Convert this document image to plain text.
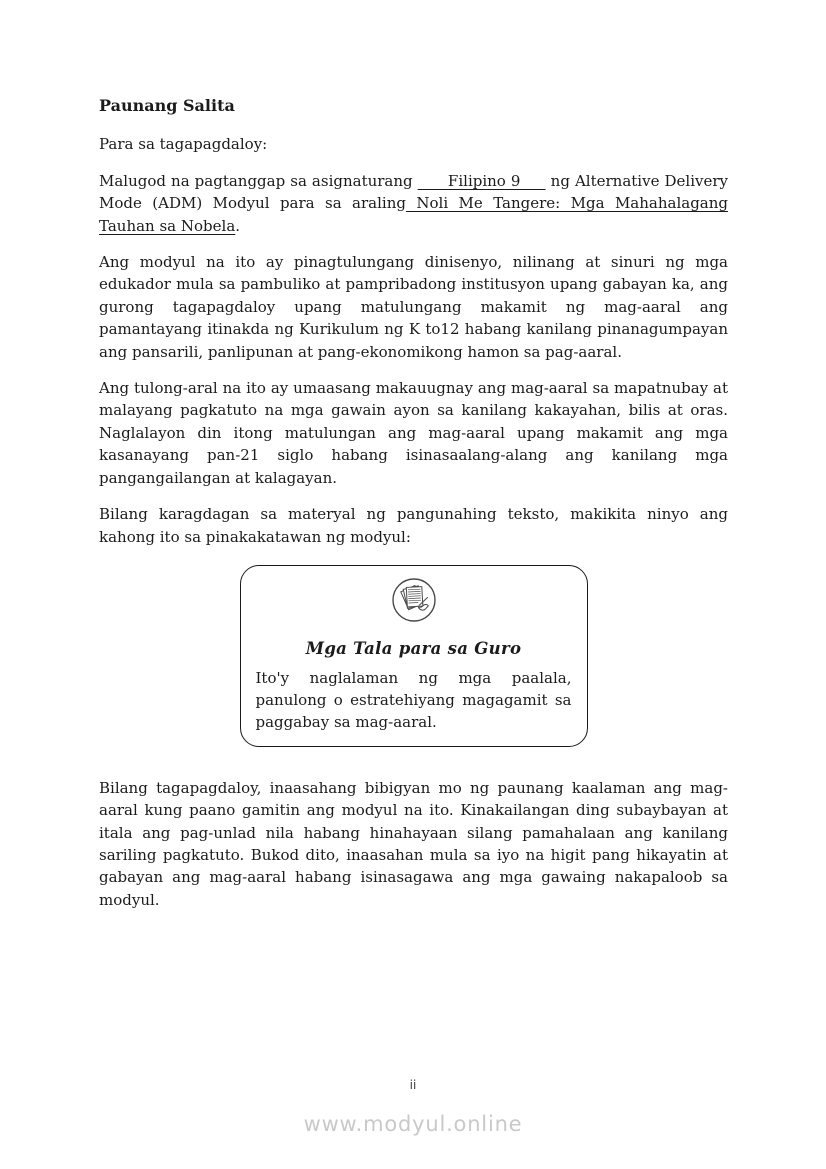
Paunang Salita

Para sa tagapagdaloy:

Malugod na pagtanggap sa asignaturang       Filipino 9      ng Alternative Delivery Mode (ADM) Modyul para sa araling Noli Me Tangere: Mga Mahahalagang Tauhan sa Nobela.

Ang modyul na ito ay pinagtulungang dinisenyo, nilinang at sinuri ng mga edukador mula sa pambuliko at pampribadong institusyon upang gabayan ka, ang gurong tagapagdaloy upang matulungang makamit ng mag-aaral ang pamantayang itinakda ng Kurikulum ng K to12 habang kanilang pinanagumpayan ang pansarili, panlipunan at pang-ekonomikong hamon sa pag-aaral.

Ang tulong-aral na ito ay umaasang makauugnay ang mag-aaral sa mapatnubay at malayang pagkatuto na mga gawain ayon sa kanilang kakayahan, bilis at oras. Naglalayon din itong matulungan ang mag-aaral upang makamit ang mga kasanayang pan-21 siglo habang isinasaalang-alang ang kanilang mga pangangailangan at kalagayan.

Bilang karagdagan sa materyal ng pangunahing teksto, makikita ninyo ang kahong ito sa pinakakatawan ng modyul:

Mga Tala para sa Guro

Ito'y naglalaman ng mga paalala, panulong o estratehiyang magagamit sa paggabay sa mag-aaral.

Bilang tagapagdaloy, inaasahang bibigyan mo ng paunang kaalaman ang mag-aaral kung paano gamitin ang modyul na ito. Kinakailangan ding subaybayan at itala ang pag-unlad nila habang hinahayaan silang pamahalaan ang kanilang sariling pagkatuto. Bukod dito, inaasahan mula sa iyo na higit pang hikayatin at gabayan ang mag-aaral habang isinasagawa ang mga gawaing nakapaloob sa modyul.

ii
www.modyul.online
